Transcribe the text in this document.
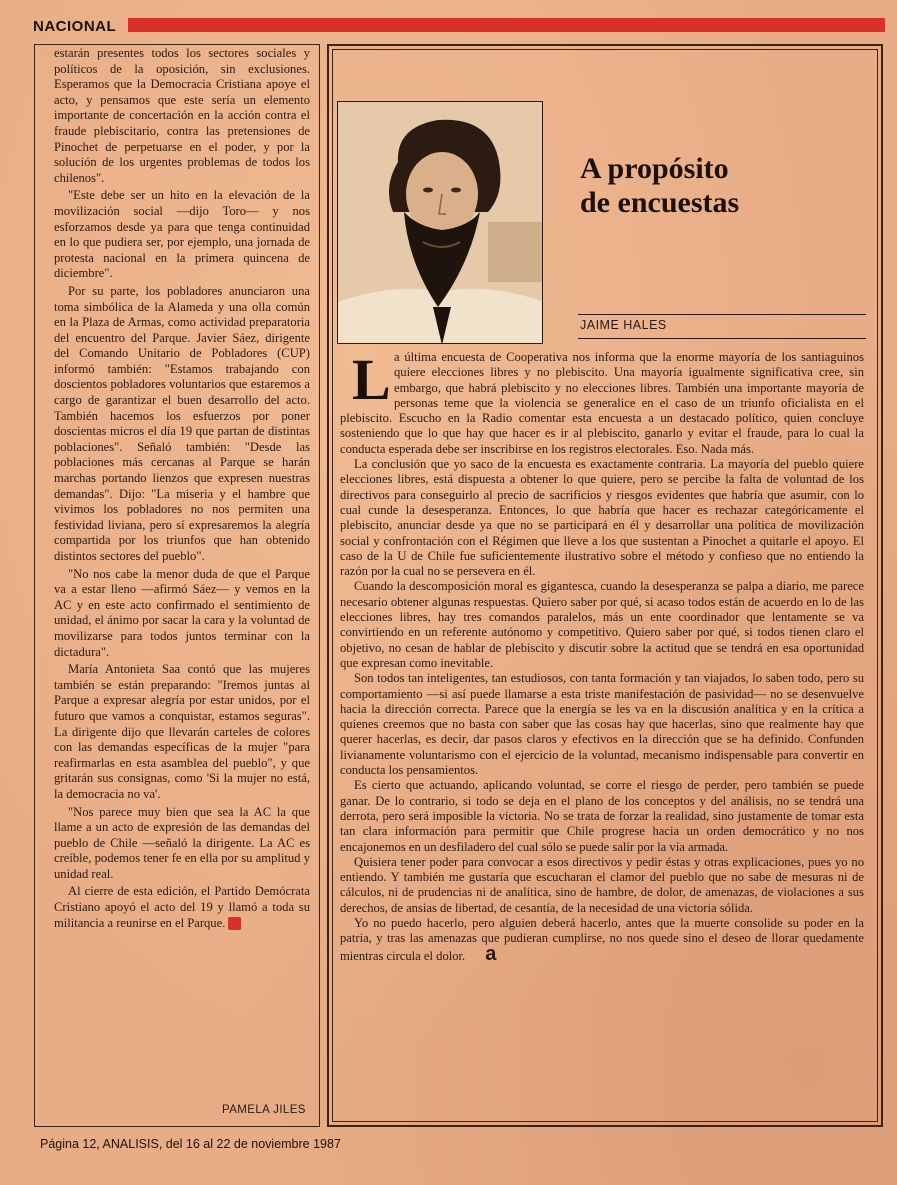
NACIONAL

estarán presentes todos los sectores sociales y políticos de la oposición, sin exclusiones. Esperamos que la Democracia Cristiana apoye el acto, y pensamos que este sería un elemento importante de concertación en la acción contra el fraude plebiscitario, contra las pretensiones de Pinochet de perpetuarse en el poder, y por la solución de los urgentes problemas de todos los chilenos".

"Este debe ser un hito en la elevación de la movilización social —dijo Toro— y nos esforzamos desde ya para que tenga continuidad en lo que pudiera ser, por ejemplo, una jornada de protesta nacional en la primera quincena de diciembre".

Por su parte, los pobladores anunciaron una toma simbólica de la Alameda y una olla común en la Plaza de Armas, como actividad preparatoria del encuentro del Parque. Javier Sáez, dirigente del Comando Unitario de Pobladores (CUP) informó también: "Estamos trabajando con doscientos pobladores voluntarios que estaremos a cargo de garantizar el buen desarrollo del acto. También hacemos los esfuerzos por poner doscientas micros el día 19 que partan de distintas poblaciones". Señaló también: "Desde las poblaciones más cercanas al Parque se harán marchas portando lienzos que expresen nuestras demandas". Dijo: "La miseria y el hambre que vivimos los pobladores no nos permiten una festividad liviana, pero sí expresaremos la alegría compartida por los triunfos que han obtenido distintos sectores del pueblo".

"No nos cabe la menor duda de que el Parque va a estar lleno —afirmó Sáez— y vemos en la AC y en este acto confirmado el sentimiento de unidad, el ánimo por sacar la cara y la voluntad de movilizarse para todos juntos terminar con la dictadura".

María Antonieta Saa contó que las mujeres también se están preparando: "Iremos juntas al Parque a expresar alegría por estar unidos, por el futuro que vamos a conquistar, estamos seguras". La dirigente dijo que llevarán carteles de colores con las demandas específicas de la mujer "para reafirmarlas en esta asamblea del pueblo", y que gritarán sus consignas, como 'Si la mujer no está, la democracia no va'.

"Nos parece muy bien que sea la AC la que llame a un acto de expresión de las demandas del pueblo de Chile —señaló la dirigente. La AC es creíble, podemos tener fe en ella por su amplitud y unidad real.

Al cierre de esta edición, el Partido Demócrata Cristiano apoyó el acto del 19 y llamó a toda su militancia a reunirse en el Parque.

PAMELA JILES
A propósito
de encuestas
JAIME HALES

La última encuesta de Cooperativa nos informa que la enorme mayoría de los santiaguinos quiere elecciones libres y no plebiscito. Una mayoría igualmente significativa cree, sin embargo, que habrá plebiscito y no elecciones libres. También una importante mayoría de personas teme que la violencia se generalice en el caso de un triunfo oficialista en el plebiscito. Escucho en la Radio comentar esta encuesta a un destacado político, quien concluye sosteniendo que lo que hay que hacer es ir al plebiscito, ganarlo y evitar el fraude, para lo cual la conducta esperada debe ser inscribirse en los registros electorales. Eso. Nada más.

La conclusión que yo saco de la encuesta es exactamente contraria. La mayoría del pueblo quiere elecciones libres, está dispuesta a obtener lo que quiere, pero se percibe la falta de voluntad de los directivos para conseguirlo al precio de sacrificios y riesgos evidentes que habría que asumir, con lo cual cunde la desesperanza. Entonces, lo que habría que hacer es rechazar categóricamente el plebiscito, anunciar desde ya que no se participará en él y desarrollar una política de movilización social y confrontación con el Régimen que lleve a los que sustentan a Pinochet a quitarle el apoyo. El caso de la U de Chile fue suficientemente ilustrativo sobre el método y confieso que no entiendo la razón por la cual no se persevera en él.

Cuando la descomposición moral es gigantesca, cuando la desesperanza se palpa a diario, me parece necesario obtener algunas respuestas. Quiero saber por qué, si acaso todos están de acuerdo en lo de las elecciones libres, hay tres comandos paralelos, más un ente coordinador que lentamente se va convirtiendo en un referente autónomo y competitivo. Quiero saber por qué, si todos tienen claro el objetivo, no cesan de hablar de plebiscito y discutir sobre la actitud que se tendrá en esa oportunidad que expresan como inevitable.

Son todos tan inteligentes, tan estudiosos, con tanta formación y tan viajados, lo saben todo, pero su comportamiento —si así puede llamarse a esta triste manifestación de pasividad— no se desenvuelve hacia la dirección correcta. Parece que la energía se les va en la discusión analítica y en la crítica a quienes creemos que no basta con saber que las cosas hay que hacerlas, sino que realmente hay que querer hacerlas, es decir, dar pasos claros y efectivos en la dirección que se ha definido. Confunden livianamente voluntarismo con el ejercicio de la voluntad, mecanismo indispensable para convertir en conducta los pensamientos.

Es cierto que actuando, aplicando voluntad, se corre el riesgo de perder, pero también se puede ganar. De lo contrario, si todo se deja en el plano de los conceptos y del análisis, no se tendrá una derrota, pero será imposible la victoria. No se trata de forzar la realidad, sino justamente de tomar esta tan clara información para permitir que Chile progrese hacia un orden democrático y no nos encajonemos en un desfiladero del cual sólo se puede salir por la vía armada.

Quisiera tener poder para convocar a esos directivos y pedir éstas y otras explicaciones, pues yo no entiendo. Y también me gustaría que escucharan el clamor del pueblo que no sabe de mesuras ni de cálculos, ni de prudencias ni de analítica, sino de hambre, de dolor, de amenazas, de violaciones a sus derechos, de ansias de libertad, de cesantía, de la necesidad de una victoria sólida.

Yo no puedo hacerlo, pero alguien deberá hacerlo, antes que la muerte consolide su poder en la patria, y tras las amenazas que pudieran cumplirse, no nos quede sino el deseo de llorar quedamente mientras circula el dolor. a

Página 12, ANALISIS, del 16 al 22 de noviembre 1987
